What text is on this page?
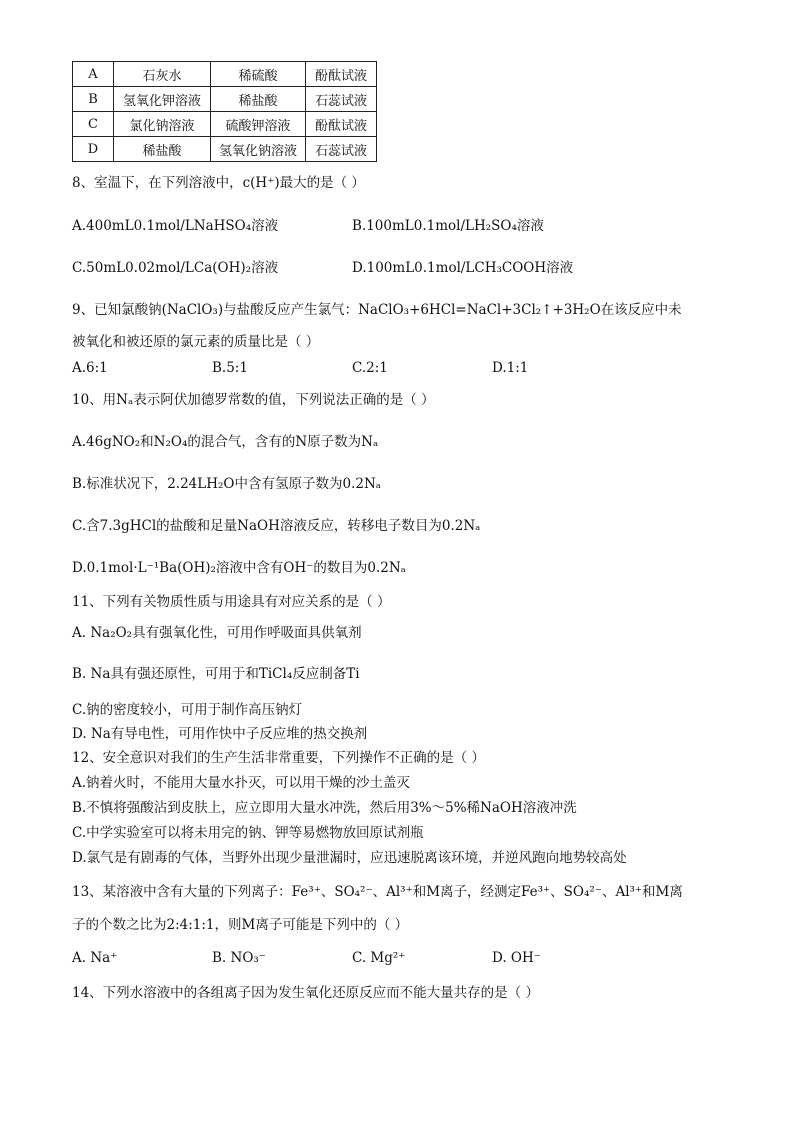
A	石灰水	稀硫酸	酚酞试液
B	氢氧化钾溶液	稀盐酸	石蕊试液
C	氯化钠溶液	硫酸钾溶液	酚酞试液
D	稀盐酸	氢氧化钠溶液	石蕊试液
8、室温下，在下列溶液中，c(H⁺)最大的是（ ）
A.400mL0.1mol/LNaHSO₄溶液	B.100mL0.1mol/LH₂SO₄溶液
C.50mL0.02mol/LCa(OH)₂溶液	D.100mL0.1mol/LCH₃COOH溶液
9、已知氯酸钠(NaClO₃)与盐酸反应产生氯气：NaClO₃+6HCl=NaCl+3Cl₂↑+3H₂O在该反应中未
被氧化和被还原的氯元素的质量比是（ ）
A.6:1	B.5:1	C.2:1	D.1:1
10、用Nₐ表示阿伏加德罗常数的值，下列说法正确的是（ ）
A.46gNO₂和N₂O₄的混合气，含有的N原子数为Nₐ
B.标准状况下，2.24LH₂O中含有氢原子数为0.2Nₐ
C.含7.3gHCl的盐酸和足量NaOH溶液反应，转移电子数目为0.2Nₐ
D.0.1mol·L⁻¹Ba(OH)₂溶液中含有OH⁻的数目为0.2Nₐ
11、下列有关物质性质与用途具有对应关系的是（ ）
A. Na₂O₂具有强氧化性，可用作呼吸面具供氧剂
B. Na具有强还原性，可用于和TiCl₄反应制备Ti
C.钠的密度较小，可用于制作高压钠灯
D. Na有导电性，可用作快中子反应堆的热交换剂
12、安全意识对我们的生产生活非常重要，下列操作不正确的是（ ）
A.钠着火时，不能用大量水扑灭，可以用干燥的沙土盖灭
B.不慎将强酸沾到皮肤上，应立即用大量水冲洗，然后用3%～5%稀NaOH溶液冲洗
C.中学实验室可以将未用完的钠、钾等易燃物放回原试剂瓶
D.氯气是有剧毒的气体，当野外出现少量泄漏时，应迅速脱离该环境，并逆风跑向地势较高处
13、某溶液中含有大量的下列离子：Fe³⁺、SO₄²⁻、Al³⁺和M离子，经测定Fe³⁺、SO₄²⁻、Al³⁺和M离
子的个数之比为2:4:1:1，则M离子可能是下列中的（ ）
A. Na⁺	B. NO₃⁻	C. Mg²⁺	D. OH⁻
14、下列水溶液中的各组离子因为发生氧化还原反应而不能大量共存的是（ ）
